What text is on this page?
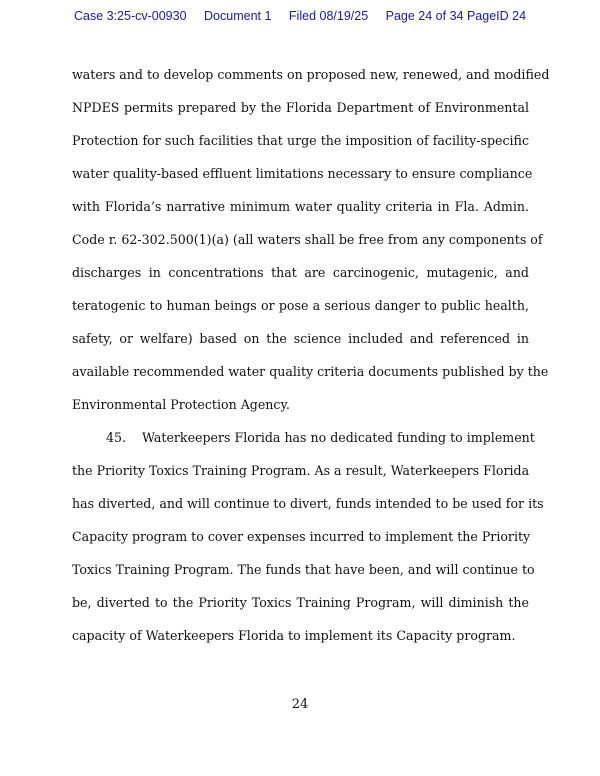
Case 3:25-cv-00930 Document 1 Filed 08/19/25 Page 24 of 34 PageID 24
waters and to develop comments on proposed new, renewed, and modified
NPDES permits prepared by the Florida Department of Environmental
Protection for such facilities that urge the imposition of facility-specific
water quality-based effluent limitations necessary to ensure compliance
with Florida’s narrative minimum water quality criteria in Fla. Admin.
Code r. 62-302.500(1)(a) (all waters shall be free from any components of
discharges in concentrations that are carcinogenic, mutagenic, and
teratogenic to human beings or pose a serious danger to public health,
safety, or welfare) based on the science included and referenced in
available recommended water quality criteria documents published by the
Environmental Protection Agency.
45.    Waterkeepers Florida has no dedicated funding to implement
the Priority Toxics Training Program. As a result, Waterkeepers Florida
has diverted, and will continue to divert, funds intended to be used for its
Capacity program to cover expenses incurred to implement the Priority
Toxics Training Program. The funds that have been, and will continue to
be, diverted to the Priority Toxics Training Program, will diminish the
capacity of Waterkeepers Florida to implement its Capacity program.
24
